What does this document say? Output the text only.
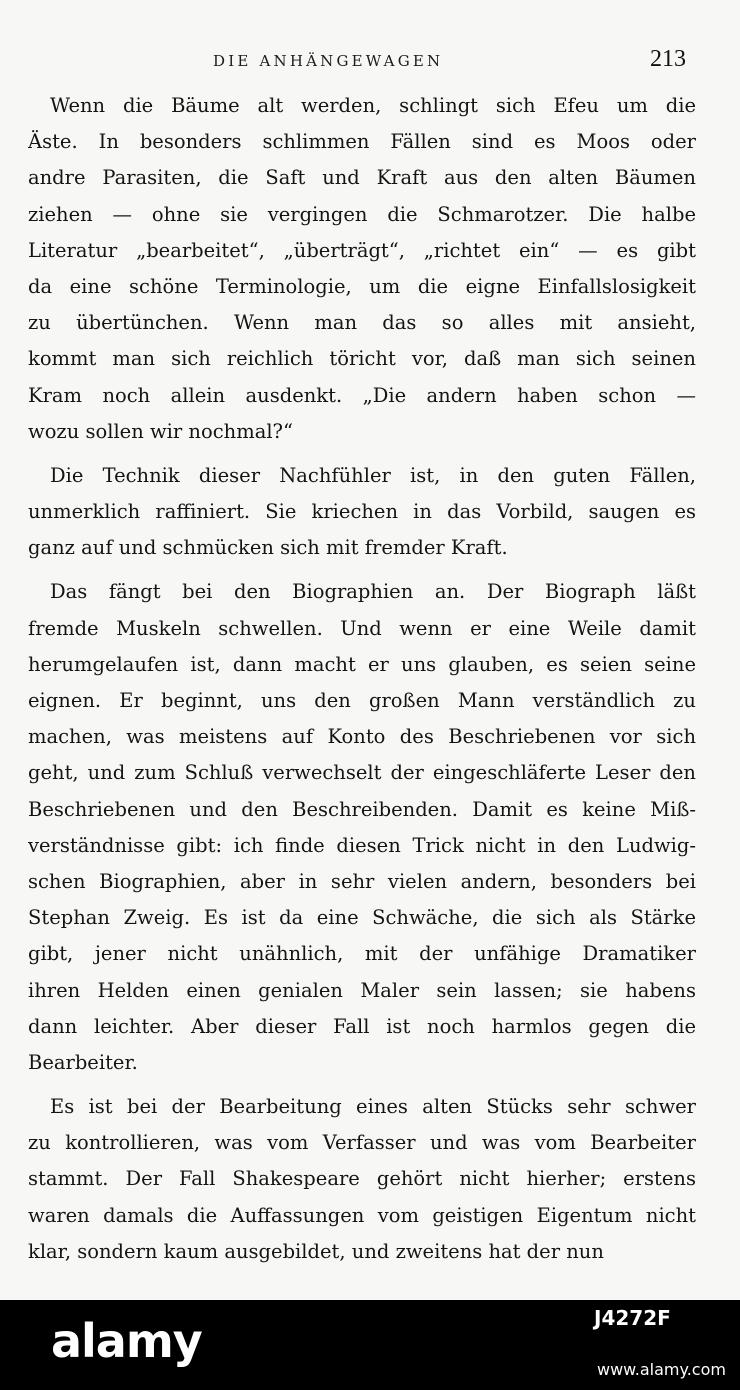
DIE ANHÄNGEWAGEN	213
Wenn die Bäume alt werden, schlingt sich Efeu um die
Äste. In besonders schlimmen Fällen sind es Moos oder
andre Parasiten, die Saft und Kraft aus den alten Bäumen
ziehen — ohne sie vergingen die Schmarotzer. Die halbe
Literatur „bearbeitet“, „überträgt“, „richtet ein“ — es gibt
da eine schöne Terminologie, um die eigne Einfallslosigkeit
zu übertünchen. Wenn man das so alles mit ansieht,
kommt man sich reichlich töricht vor, daß man sich seinen
Kram noch allein ausdenkt. „Die andern haben schon —
wozu sollen wir nochmal?“
Die Technik dieser Nachfühler ist, in den guten Fällen,
unmerklich raffiniert. Sie kriechen in das Vorbild, saugen es
ganz auf und schmücken sich mit fremder Kraft.
Das fängt bei den Biographien an. Der Biograph läßt
fremde Muskeln schwellen. Und wenn er eine Weile damit
herumgelaufen ist, dann macht er uns glauben, es seien seine
eignen. Er beginnt, uns den großen Mann verständlich zu
machen, was meistens auf Konto des Beschriebenen vor sich
geht, und zum Schluß verwechselt der eingeschläferte Leser den
Beschriebenen und den Beschreibenden. Damit es keine Miß-
verständnisse gibt: ich finde diesen Trick nicht in den Ludwig-
schen Biographien, aber in sehr vielen andern, besonders bei
Stephan Zweig. Es ist da eine Schwäche, die sich als Stärke
gibt, jener nicht unähnlich, mit der unfähige Dramatiker
ihren Helden einen genialen Maler sein lassen; sie habens
dann leichter. Aber dieser Fall ist noch harmlos gegen die
Bearbeiter.
Es ist bei der Bearbeitung eines alten Stücks sehr schwer
zu kontrollieren, was vom Verfasser und was vom Bearbeiter
stammt. Der Fall Shakespeare gehört nicht hierher; erstens
waren damals die Auffassungen vom geistigen Eigentum nicht
klar, sondern kaum ausgebildet, und zweitens hat der nun
alamy	J4272F
www.alamy.com
